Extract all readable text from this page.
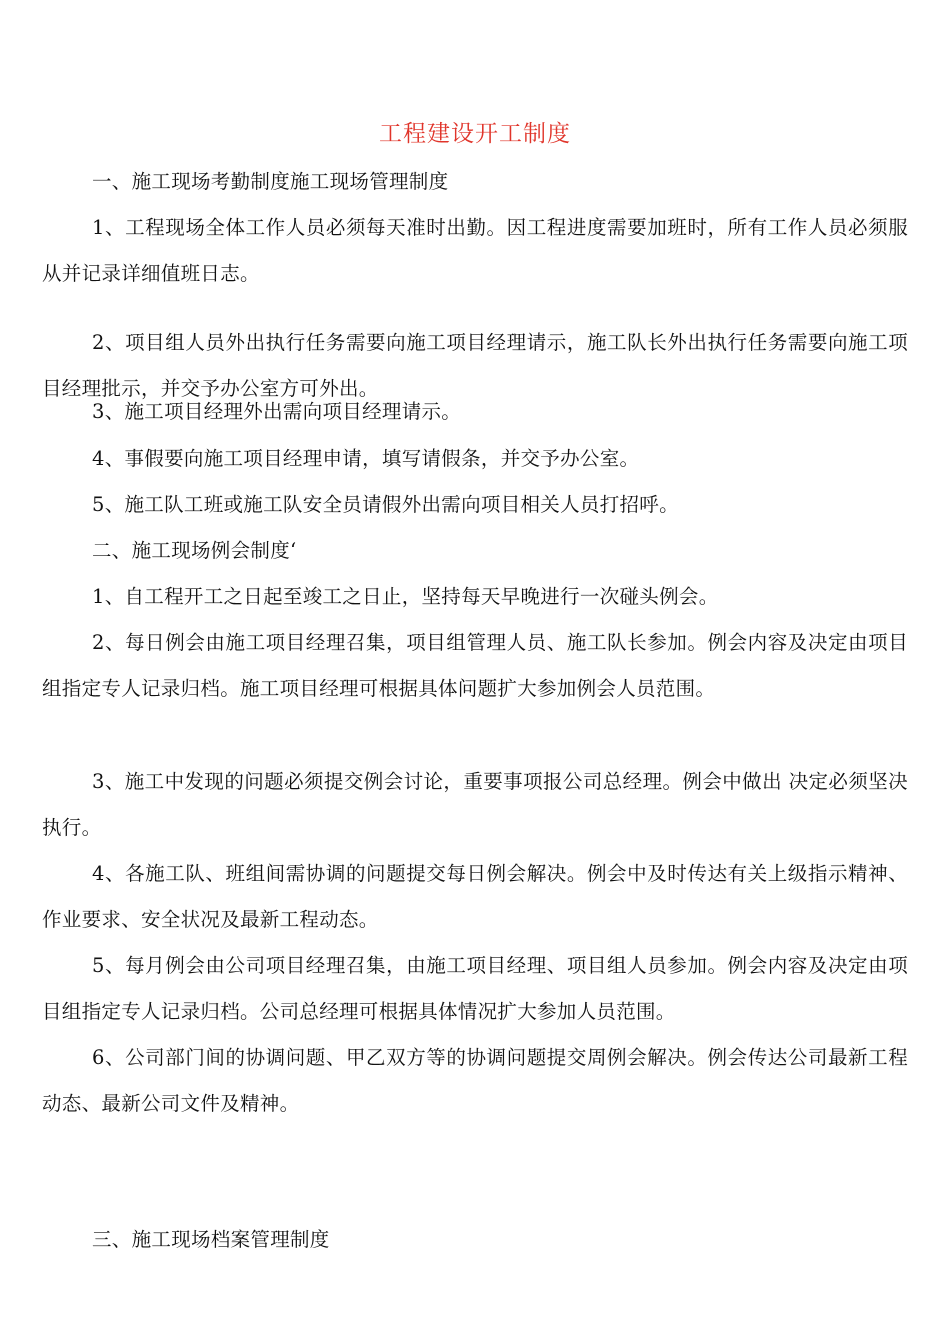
工程建设开工制度

一、施工现场考勤制度施工现场管理制度

1、工程现场全体工作人员必须每天准时出勤。因工程进度需要加班时，所有工作人员必须服从并记录详细值班日志。

2、项目组人员外出执行任务需要向施工项目经理请示，施工队长外出执行任务需要向施工项目经理批示，并交予办公室方可外出。

3、施工项目经理外出需向项目经理请示。

4、事假要向施工项目经理申请，填写请假条，并交予办公室。

5、施工队工班或施工队安全员请假外出需向项目相关人员打招呼。

二、施工现场例会制度‘

1、自工程开工之日起至竣工之日止，坚持每天早晚进行一次碰头例会。

2、每日例会由施工项目经理召集，项目组管理人员、施工队长参加。例会内容及决定由项目组指定专人记录归档。施工项目经理可根据具体问题扩大参加例会人员范围。

3、施工中发现的问题必须提交例会讨论，重要事项报公司总经理。例会中做出 决定必须坚决执行。

4、各施工队、班组间需协调的问题提交每日例会解决。例会中及时传达有关上级指示精神、作业要求、安全状况及最新工程动态。

5、每月例会由公司项目经理召集，由施工项目经理、项目组人员参加。例会内容及决定由项目组指定专人记录归档。公司总经理可根据具体情况扩大参加人员范围。

6、公司部门间的协调问题、甲乙双方等的协调问题提交周例会解决。例会传达公司最新工程动态、最新公司文件及精神。

三、施工现场档案管理制度
